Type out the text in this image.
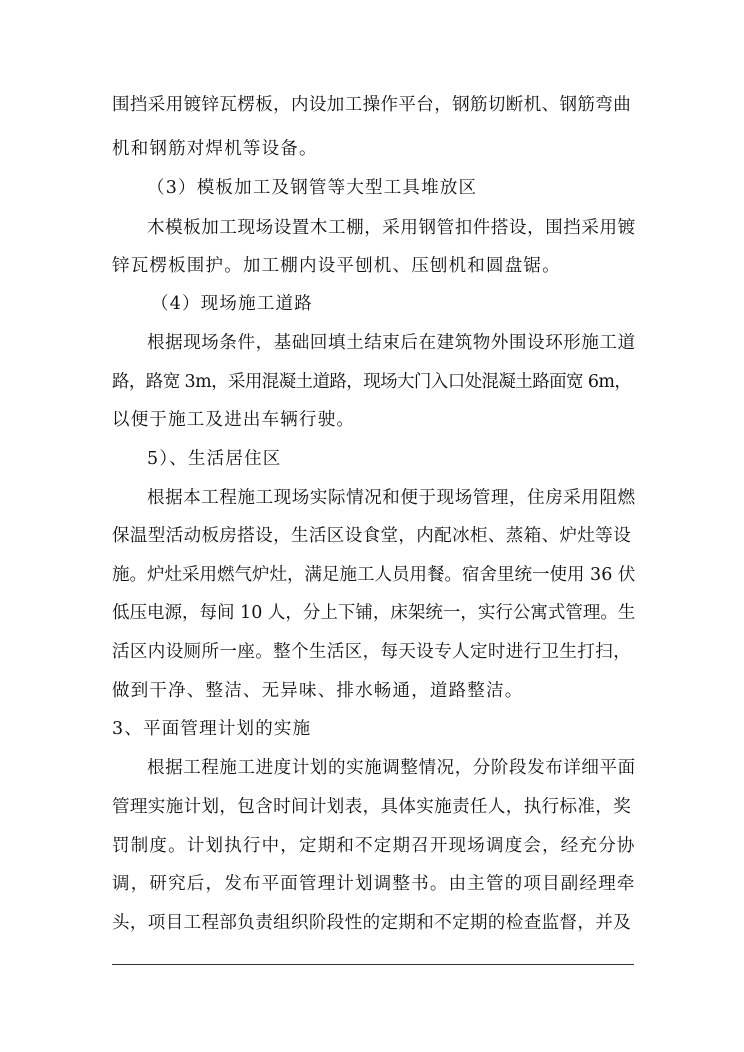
围挡采用镀锌瓦楞板，内设加工操作平台，钢筋切断机、钢筋弯曲
机和钢筋对焊机等设备。
（3）模板加工及钢管等大型工具堆放区
木模板加工现场设置木工棚，采用钢管扣件搭设，围挡采用镀
锌瓦楞板围护。加工棚内设平刨机、压刨机和圆盘锯。
（4）现场施工道路
根据现场条件，基础回填土结束后在建筑物外围设环形施工道
路，路宽 3m，采用混凝土道路，现场大门入口处混凝土路面宽 6m，
以便于施工及进出车辆行驶。
5）、生活居住区
根据本工程施工现场实际情况和便于现场管理，住房采用阻燃
保温型活动板房搭设，生活区设食堂，内配冰柜、蒸箱、炉灶等设
施。炉灶采用燃气炉灶，满足施工人员用餐。宿舍里统一使用 36 伏
低压电源，每间 10 人，分上下铺，床架统一，实行公寓式管理。生
活区内设厕所一座。整个生活区，每天设专人定时进行卫生打扫，
做到干净、整洁、无异味、排水畅通，道路整洁。
3、平面管理计划的实施
根据工程施工进度计划的实施调整情况，分阶段发布详细平面
管理实施计划，包含时间计划表，具体实施责任人，执行标准，奖
罚制度。计划执行中，定期和不定期召开现场调度会，经充分协
调，研究后，发布平面管理计划调整书。由主管的项目副经理牵
头，项目工程部负责组织阶段性的定期和不定期的检查监督，并及
